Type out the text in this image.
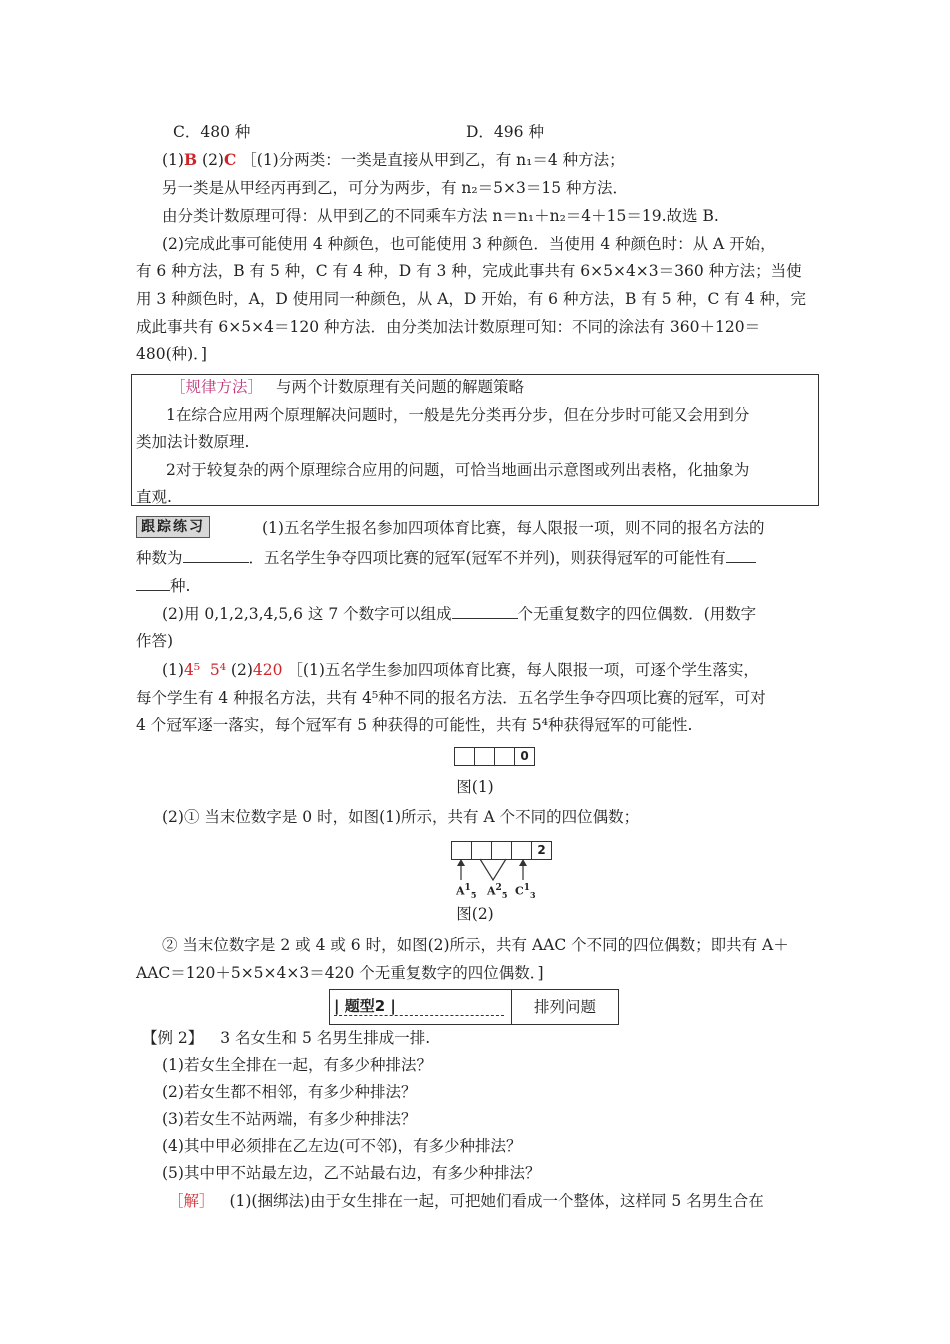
C．480 种	D．496 种
(1)B (2)C ［(1)分两类：一类是直接从甲到乙，有 n₁＝4 种方法；
另一类是从甲经丙再到乙，可分为两步，有 n₂＝5×3＝15 种方法．
由分类计数原理可得：从甲到乙的不同乘车方法 n＝n₁＋n₂＝4＋15＝19.故选 B.
(2)完成此事可能使用 4 种颜色，也可能使用 3 种颜色．当使用 4 种颜色时：从 A 开始，
有 6 种方法，B 有 5 种，C 有 4 种，D 有 3 种，完成此事共有 6×5×4×3＝360 种方法；当使
用 3 种颜色时，A，D 使用同一种颜色，从 A，D 开始，有 6 种方法，B 有 5 种，C 有 4 种，完
成此事共有 6×5×4＝120 种方法．由分类加法计数原理可知：不同的涂法有 360＋120＝
480(种)．]
［规律方法］ 与两个计数原理有关问题的解题策略
1在综合应用两个原理解决问题时，一般是先分类再分步，但在分步时可能又会用到分
类加法计数原理.
2对于较复杂的两个原理综合应用的问题，可恰当地画出示意图或列出表格，化抽象为
直观.
跟踪练习	(1)五名学生报名参加四项体育比赛，每人限报一项，则不同的报名方法的
种数为	．五名学生争夺四项比赛的冠军(冠军不并列)，则获得冠军的可能性有
种.
(2)用 0,1,2,3,4,5,6 这 7 个数字可以组成	个无重复数字的四位偶数．(用数字
作答)
(1)4⁵ 5⁴ (2)420 ［(1)五名学生参加四项体育比赛，每人限报一项，可逐个学生落实，
每个学生有 4 种报名方法，共有 4⁵种不同的报名方法．五名学生争夺四项比赛的冠军，可对
4 个冠军逐一落实，每个冠军有 5 种获得的可能性，共有 5⁴种获得冠军的可能性.
0
图(1)
(2)① 当末位数字是 0 时，如图(1)所示，共有 A 个不同的四位偶数；
2
$A^1_5$ $A^2_5$ $C^1_3$
图(2)
② 当末位数字是 2 或 4 或 6 时，如图(2)所示，共有 AAC 个不同的四位偶数；即共有 A＋
AAC＝120＋5×5×4×3＝420 个无重复数字的四位偶数．]
| 题型2 |	排列问题
【例 2】 3 名女生和 5 名男生排成一排.
(1)若女生全排在一起，有多少种排法？
(2)若女生都不相邻，有多少种排法？
(3)若女生不站两端，有多少种排法？
(4)其中甲必须排在乙左边(可不邻)，有多少种排法？
(5)其中甲不站最左边，乙不站最右边，有多少种排法？
［解］ (1)(捆绑法)由于女生排在一起，可把她们看成一个整体，这样同 5 名男生合在
